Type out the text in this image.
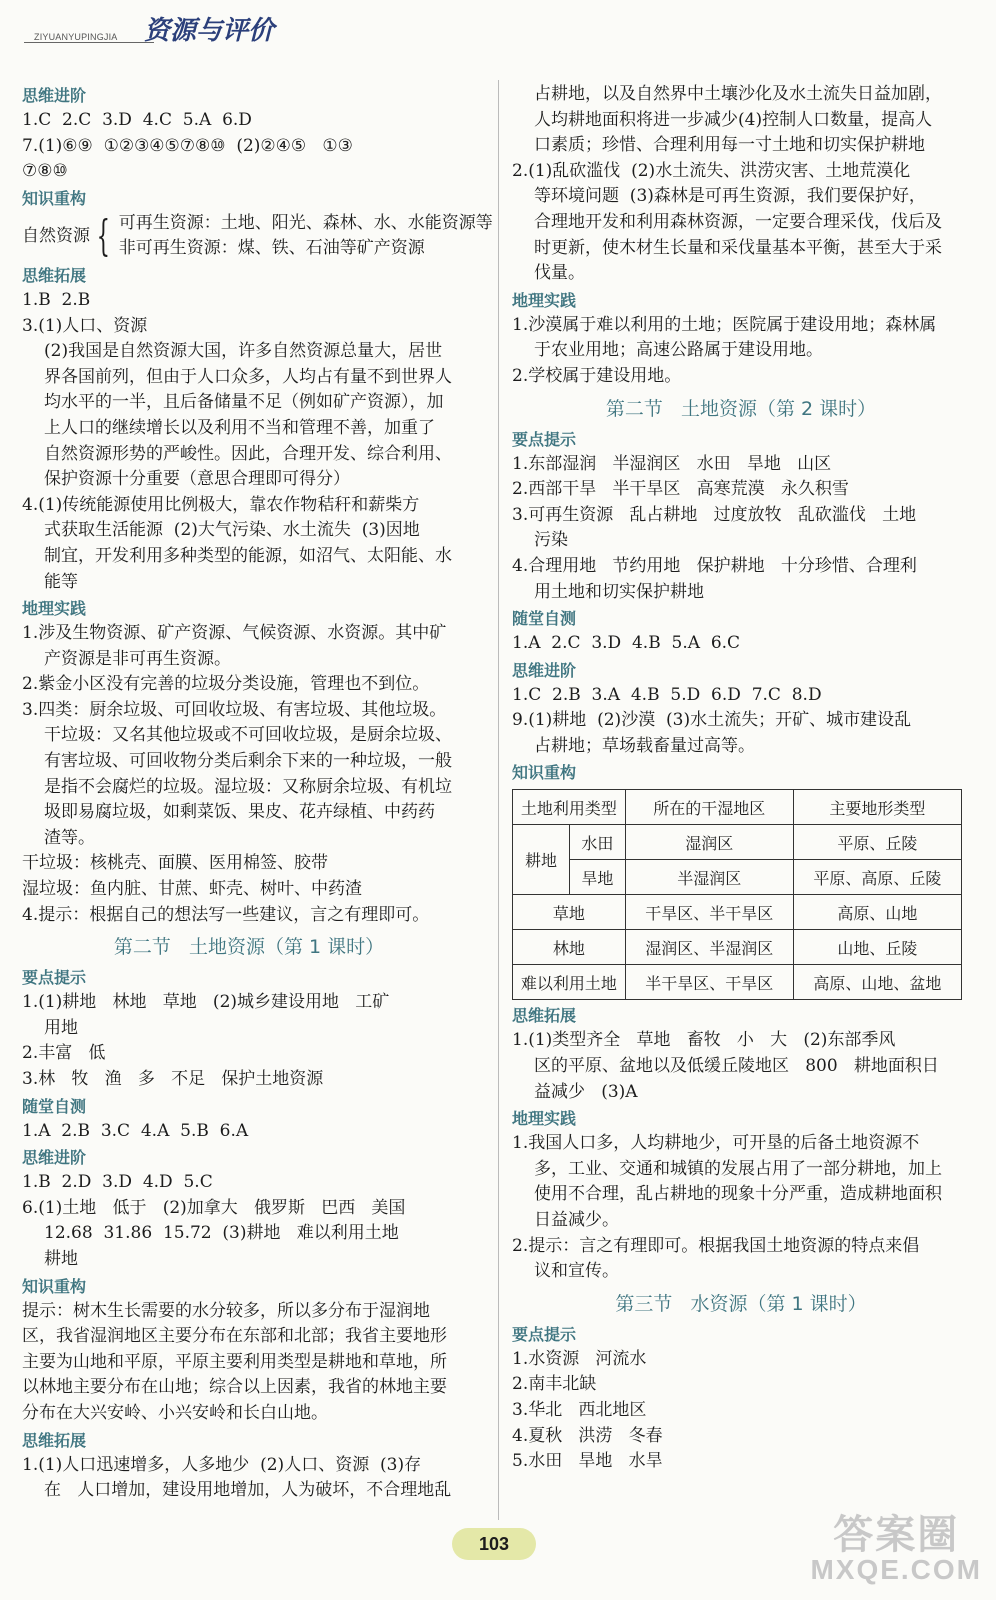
ZIYUANYUPINGJIA 资源与评价
思维进阶
1.C  2.C  3.D  4.C  5.A  6.D
7.(1)⑥⑨  ①②③④⑤⑦⑧⑩  (2)②④⑤   ①③
⑦⑧⑩
知识重构
自然资源 { 可再生资源：土地、阳光、森林、水、水能资源等
非可再生资源：煤、铁、石油等矿产资源
思维拓展
1.B  2.B
3.(1)人口、资源
(2)我国是自然资源大国，许多自然资源总量大，居世
界各国前列，但由于人口众多，人均占有量不到世界人
均水平的一半，且后备储量不足（例如矿产资源），加
上人口的继续增长以及利用不当和管理不善，加重了
自然资源形势的严峻性。因此，合理开发、综合利用、
保护资源十分重要（意思合理即可得分）
4.(1)传统能源使用比例极大，靠农作物秸秆和薪柴方
式获取生活能源  (2)大气污染、水土流失  (3)因地
制宜，开发利用多种类型的能源，如沼气、太阳能、水
能等
地理实践
1.涉及生物资源、矿产资源、气候资源、水资源。其中矿
产资源是非可再生资源。
2.紫金小区没有完善的垃圾分类设施，管理也不到位。
3.四类：厨余垃圾、可回收垃圾、有害垃圾、其他垃圾。
干垃圾：又名其他垃圾或不可回收垃圾，是厨余垃圾、
有害垃圾、可回收物分类后剩余下来的一种垃圾，一般
是指不会腐烂的垃圾。湿垃圾：又称厨余垃圾、有机垃
圾即易腐垃圾，如剩菜饭、果皮、花卉绿植、中药药
渣等。
干垃圾：核桃壳、面膜、医用棉签、胶带
湿垃圾：鱼内脏、甘蔗、虾壳、树叶、中药渣
4.提示：根据自己的想法写一些建议，言之有理即可。
第二节   土地资源（第 1 课时）
要点提示
1.(1)耕地   林地   草地   (2)城乡建设用地   工矿
用地
2.丰富   低
3.林   牧   渔   多   不足   保护土地资源
随堂自测
1.A  2.B  3.C  4.A  5.B  6.A
思维进阶
1.B  2.D  3.D  4.D  5.C
6.(1)土地   低于   (2)加拿大   俄罗斯   巴西   美国
12.68  31.86  15.72  (3)耕地   难以利用土地
耕地
知识重构
提示：树木生长需要的水分较多，所以多分布于湿润地
区，我省湿润地区主要分布在东部和北部；我省主要地形
主要为山地和平原，平原主要利用类型是耕地和草地，所
以林地主要分布在山地；综合以上因素，我省的林地主要
分布在大兴安岭、小兴安岭和长白山地。
思维拓展
1.(1)人口迅速增多，人多地少  (2)人口、资源  (3)存
在   人口增加，建设用地增加，人为破坏，不合理地乱
占耕地，以及自然界中土壤沙化及水土流失日益加剧，
人均耕地面积将进一步减少(4)控制人口数量，提高人
口素质；珍惜、合理利用每一寸土地和切实保护耕地
2.(1)乱砍滥伐  (2)水土流失、洪涝灾害、土地荒漠化
等环境问题  (3)森林是可再生资源，我们要保护好，
合理地开发和利用森林资源，一定要合理采伐，伐后及
时更新，使木材生长量和采伐量基本平衡，甚至大于采
伐量。
地理实践
1.沙漠属于难以利用的土地；医院属于建设用地；森林属
于农业用地；高速公路属于建设用地。
2.学校属于建设用地。
第二节   土地资源（第 2 课时）
要点提示
1.东部湿润   半湿润区   水田   旱地   山区
2.西部干旱   半干旱区   高寒荒漠   永久积雪
3.可再生资源   乱占耕地   过度放牧   乱砍滥伐   土地
污染
4.合理用地   节约用地   保护耕地   十分珍惜、合理利
用土地和切实保护耕地
随堂自测
1.A  2.C  3.D  4.B  5.A  6.C
思维进阶
1.C  2.B  3.A  4.B  5.D  6.D  7.C  8.D
9.(1)耕地  (2)沙漠  (3)水土流失；开矿、城市建设乱
占耕地；草场载畜量过高等。
知识重构
土地利用类型		所在的干湿地区	主要地形类型
耕地	水田	湿润区	平原、丘陵
	旱地	半湿润区	平原、高原、丘陵
草地		干旱区、半干旱区	高原、山地
林地		湿润区、半湿润区	山地、丘陵
难以利用土地		半干旱区、干旱区	高原、山地、盆地
思维拓展
1.(1)类型齐全   草地   畜牧   小   大   (2)东部季风
区的平原、盆地以及低缓丘陵地区   800   耕地面积日
益减少   (3)A
地理实践
1.我国人口多，人均耕地少，可开垦的后备土地资源不
多，工业、交通和城镇的发展占用了一部分耕地，加上
使用不合理，乱占耕地的现象十分严重，造成耕地面积
日益减少。
2.提示：言之有理即可。根据我国土地资源的特点来倡
议和宣传。
第三节   水资源（第 1 课时）
要点提示
1.水资源   河流水
2.南丰北缺
3.华北   西北地区
4.夏秋   洪涝   冬春
5.水田   旱地   水旱
103	答案圈
MXQE.COM
